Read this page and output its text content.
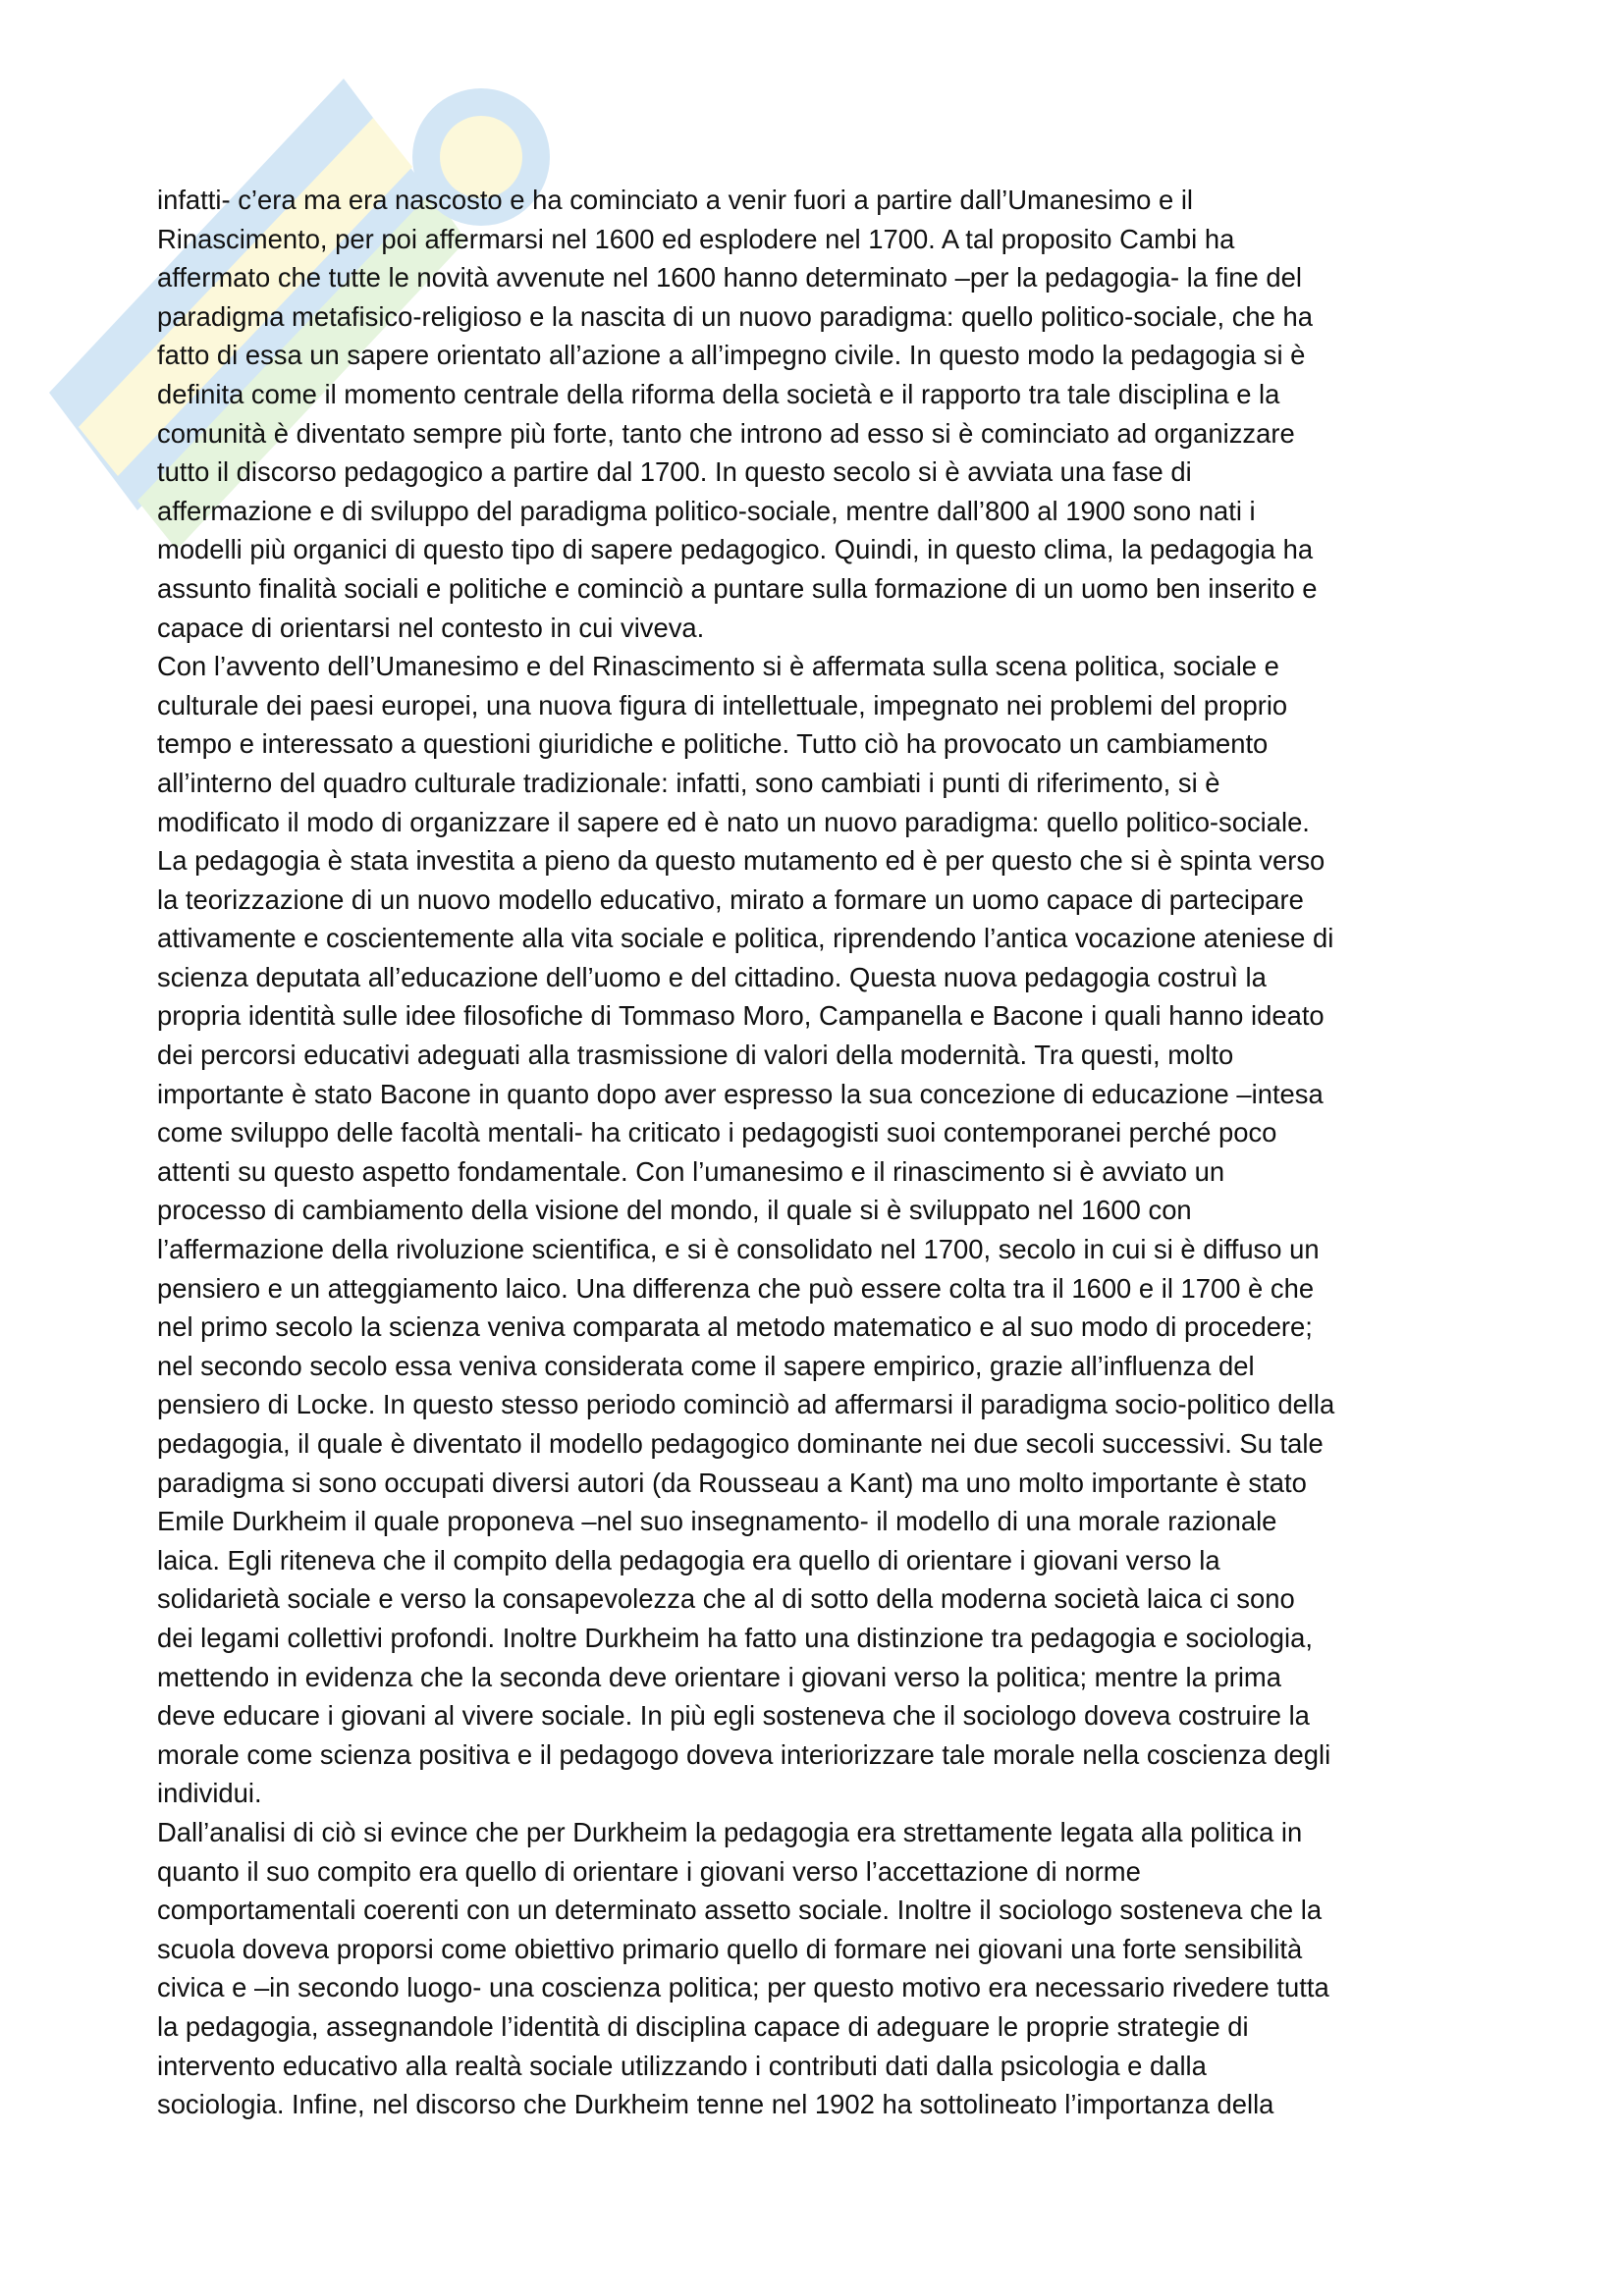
infatti- c’era ma era nascosto e ha cominciato a venir fuori a partire dall’Umanesimo e il
Rinascimento, per poi affermarsi nel 1600 ed esplodere nel 1700. A tal proposito Cambi ha
affermato che tutte le novità avvenute nel 1600 hanno determinato –per la pedagogia- la fine del
paradigma metafisico-religioso e la nascita di un nuovo paradigma: quello politico-sociale, che ha
fatto di essa un sapere orientato all’azione a all’impegno civile. In questo modo la pedagogia si è
definita come il momento centrale della riforma della società e il rapporto tra tale disciplina e la
comunità è diventato sempre più forte, tanto che introno ad esso si è cominciato ad organizzare
tutto il discorso pedagogico a partire dal 1700. In questo secolo si è avviata una fase di
affermazione e di sviluppo del paradigma politico-sociale, mentre dall’800 al 1900 sono nati i
modelli più organici di questo tipo di sapere pedagogico. Quindi, in questo clima, la pedagogia ha
assunto finalità sociali e politiche e cominciò a puntare sulla formazione di un uomo ben inserito e
capace di orientarsi nel contesto in cui viveva.
Con l’avvento dell’Umanesimo e del Rinascimento si è affermata sulla scena politica, sociale e
culturale dei paesi europei, una nuova figura di intellettuale, impegnato nei problemi del proprio
tempo e interessato a questioni giuridiche e politiche. Tutto ciò ha provocato un cambiamento
all’interno del quadro culturale tradizionale: infatti, sono cambiati i punti di riferimento, si è
modificato il modo di organizzare il sapere ed è nato un nuovo paradigma: quello politico-sociale.
La pedagogia è stata investita a pieno da questo mutamento ed è per questo che si è spinta verso
la teorizzazione di un nuovo modello educativo, mirato a formare un uomo capace di partecipare
attivamente e coscientemente alla vita sociale e politica, riprendendo l’antica vocazione ateniese di
scienza deputata all’educazione dell’uomo e del cittadino. Questa nuova pedagogia costruì la
propria identità sulle idee filosofiche di Tommaso Moro, Campanella e Bacone i quali hanno ideato
dei percorsi educativi adeguati alla trasmissione di valori della modernità. Tra questi, molto
importante è stato Bacone in quanto dopo aver espresso la sua concezione di educazione –intesa
come sviluppo delle facoltà mentali- ha criticato i pedagogisti suoi contemporanei perché poco
attenti su questo aspetto fondamentale. Con l’umanesimo e il rinascimento si è avviato un
processo di cambiamento della visione del mondo, il quale si è sviluppato nel 1600 con
l’affermazione della rivoluzione scientifica, e si è consolidato nel 1700, secolo in cui si è diffuso un
pensiero e un atteggiamento laico. Una differenza che può essere colta tra il 1600 e il 1700 è che
nel primo secolo la scienza veniva comparata al metodo matematico e al suo modo di procedere;
nel secondo secolo essa veniva considerata come il sapere empirico, grazie all’influenza del
pensiero di Locke. In questo stesso periodo cominciò ad affermarsi il paradigma socio-politico della
pedagogia, il quale è diventato il modello pedagogico dominante nei due secoli successivi. Su tale
paradigma si sono occupati diversi autori (da Rousseau a Kant) ma uno molto importante è stato
Emile Durkheim il quale proponeva –nel suo insegnamento- il modello di una morale razionale
laica. Egli riteneva che il compito della pedagogia era quello di orientare i giovani verso la
solidarietà sociale e verso la consapevolezza che al di sotto della moderna società laica ci sono
dei legami collettivi profondi. Inoltre Durkheim ha fatto una distinzione tra pedagogia e sociologia,
mettendo in evidenza che la seconda deve orientare i giovani verso la politica; mentre la prima
deve educare i giovani al vivere sociale. In più egli sosteneva che il sociologo doveva costruire la
morale come scienza positiva e il pedagogo doveva interiorizzare tale morale nella coscienza degli
individui.
Dall’analisi di ciò si evince che per Durkheim la pedagogia era strettamente legata alla politica in
quanto il suo compito era quello di orientare i giovani verso l’accettazione di norme
comportamentali coerenti con un determinato assetto sociale. Inoltre il sociologo sosteneva che la
scuola doveva proporsi come obiettivo primario quello di formare nei giovani una forte sensibilità
civica e –in secondo luogo- una coscienza politica; per questo motivo era necessario rivedere tutta
la pedagogia, assegnandole l’identità di disciplina capace di adeguare le proprie strategie di
intervento educativo alla realtà sociale utilizzando i contributi dati dalla psicologia e dalla
sociologia. Infine, nel discorso che Durkheim tenne nel 1902 ha sottolineato l’importanza della
